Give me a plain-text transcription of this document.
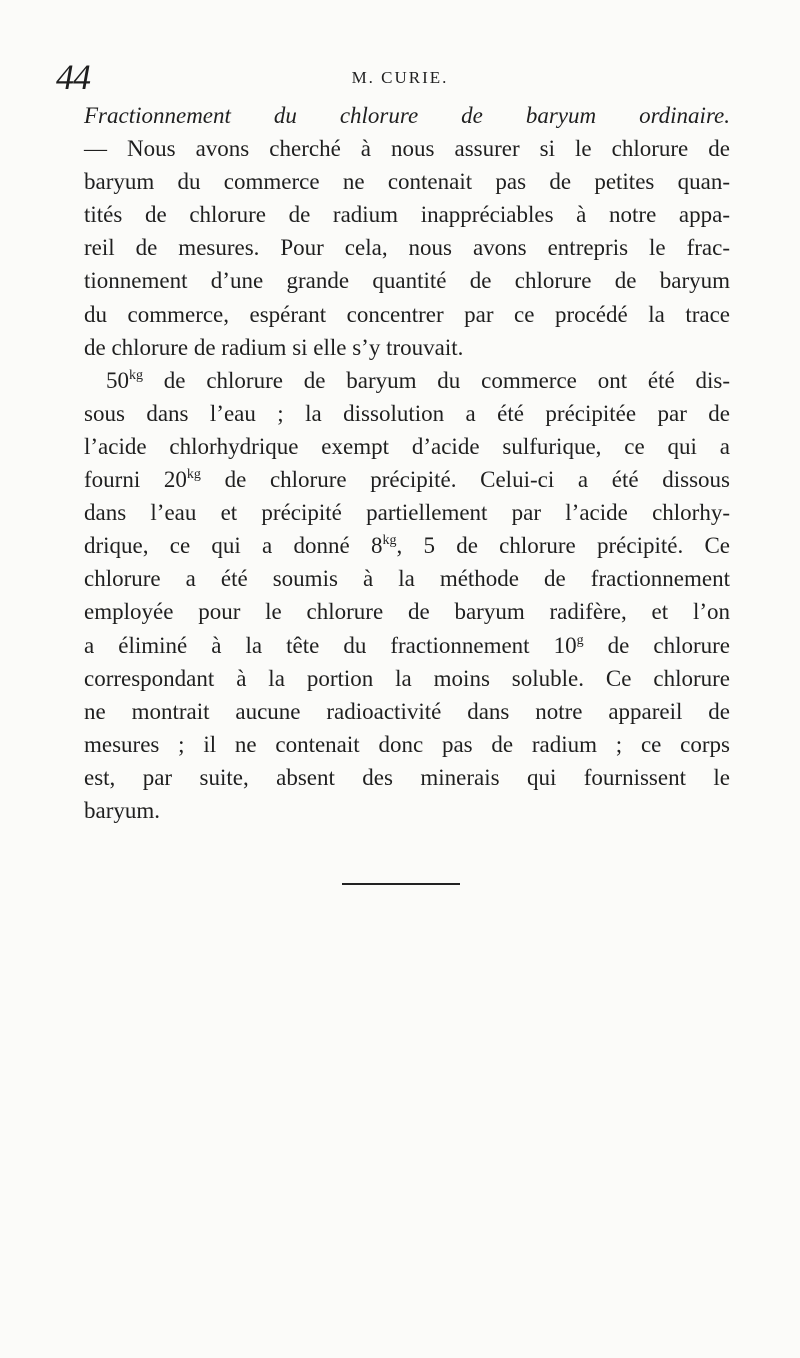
44	M. CURIE.
Fractionnement du chlorure de baryum ordinaire.
— Nous avons cherché à nous assurer si le chlorure de
baryum du commerce ne contenait pas de petites quan-
tités de chlorure de radium inappréciables à notre appa-
reil de mesures. Pour cela, nous avons entrepris le frac-
tionnement d’une grande quantité de chlorure de baryum
du commerce, espérant concentrer par ce procédé la trace
de chlorure de radium si elle s’y trouvait.
$50^{kg}$ de chlorure de baryum du commerce ont été dis-
sous dans l’eau ; la dissolution a été précipitée par de
l’acide chlorhydrique exempt d’acide sulfurique, ce qui a
fourni $20^{kg}$ de chlorure précipité. Celui-ci a été dissous
dans l’eau et précipité partiellement par l’acide chlorhy-
drique, ce qui a donné $8^{kg}$, 5 de chlorure précipité. Ce
chlorure a été soumis à la méthode de fractionnement
employée pour le chlorure de baryum radifère, et l’on
a éliminé à la tête du fractionnement 10$^g$ de chlorure
correspondant à la portion la moins soluble. Ce chlorure
ne montrait aucune radioactivité dans notre appareil de
mesures ; il ne contenait donc pas de radium ; ce corps
est, par suite, absent des minerais qui fournissent le
baryum.
